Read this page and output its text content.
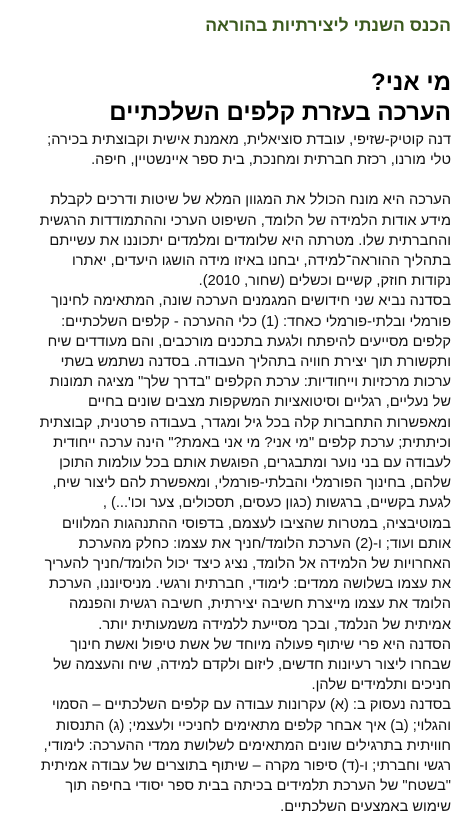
הכנס השנתי ליצירתיות בהוראה
מי אני?
הערכה בעזרת קלפים השלכתיים
דנה קוטיק-שזיפי, עובדת סוציאלית, מאמנת אישית וקבוצתית בכירה;
טלי מורנו, רכזת חברתית ומחנכת, בית ספר איינשטיין, חיפה.
הערכה היא מונח הכולל את המגוון המלא של שיטות ודרכים לקבלת
מידע אודות הלמידה של הלומד, השיפוט הערכי וההתמודדות הרגשית
והחברתית שלו. מטרתה היא שלומדים ומלמדים יתכוננו את עשייתם
בתהליך ההוראה־למידה, יבחנו באיזו מידה הושגו היעדים, יאתרו
נקודות חוזק, קשיים וכשלים (שחור, 2010).
בסדנה נביא שני חידושים המגמנים הערכה שונה, המתאימה לחינוך
פורמלי ובלתי-פורמלי כאחד: (1) כלי ההערכה - קלפים השלכתיים:
קלפים מסייעים להיפתח ולגעת בתכנים מורכבים, והם מעודדים שיח
ותקשורת תוך יצירת חוויה בתהליך העבודה. בסדנה נשתמש בשתי
ערכות מרכזיות וייחודיות: ערכת הקלפים "בדרך שלך" מציגה תמונות
של נעליים, רגליים וסיטואציות המשקפות מצבים שונים בחיים
ומאפשרות התחברות קלה בכל גיל ומגדר, בעבודה פרטנית, קבוצתית
וכיתתית; ערכת קלפים "מי אני? מי אני באמת?" הינה ערכה ייחודית
לעבודה עם בני נוער ומתבגרים, הפוגשת אותם בכל עולמות התוכן
שלהם, בחינוך הפורמלי והבלתי-פורמלי, ומאפשרת להם ליצור שיח,
לגעת בקשיים, ברגשות (כגון כעסים, תסכולים, צער וכו'...) ,
במוטיבציה, במטרות שהציבו לעצמם, בדפוסי ההתנהגות המלווים
אותם ועוד; ו-(2) הערכת הלומד/חניך את עצמו: כחלק מהערכת
האחרויות של הלמידה אל הלומד, נציג כיצד יכול הלומד/חניך להעריך
את עצמו בשלושה ממדים: לימודי, חברתית ורגשי. מניסיוננו, הערכת
הלומד את עצמו מייצרת חשיבה יצירתית, חשיבה רגשית והפנמה
אמיתית של הנלמד, ובכך מסייעת ללמידה משמעותית יותר.
הסדנה היא פרי שיתוף פעולה מיוחד של אשת טיפול ואשת חינוך
שבחרו ליצור רעיונות חדשים, ליזום ולקדם למידה, שיח והעצמה של
חניכים ותלמידים שלהן.
בסדנה נעסוק ב: (א) עקרונות עבודה עם קלפים השלכתיים – הסמוי
והגלוי; (ב) איך אבחר קלפים מתאימים לחניכיי ולעצמי; (ג) התנסות
חוויתית בתרגילים שונים המתאימים לשלושת ממדי ההערכה: לימודי,
רגשי וחברתי; ו-(ד) סיפור מקרה – שיתוף בתוצרים של עבודה אמיתית
"בשטח" של הערכת תלמידים בכיתה בבית ספר יסודי בחיפה תוך
שימוש באמצעים השלכתיים.
